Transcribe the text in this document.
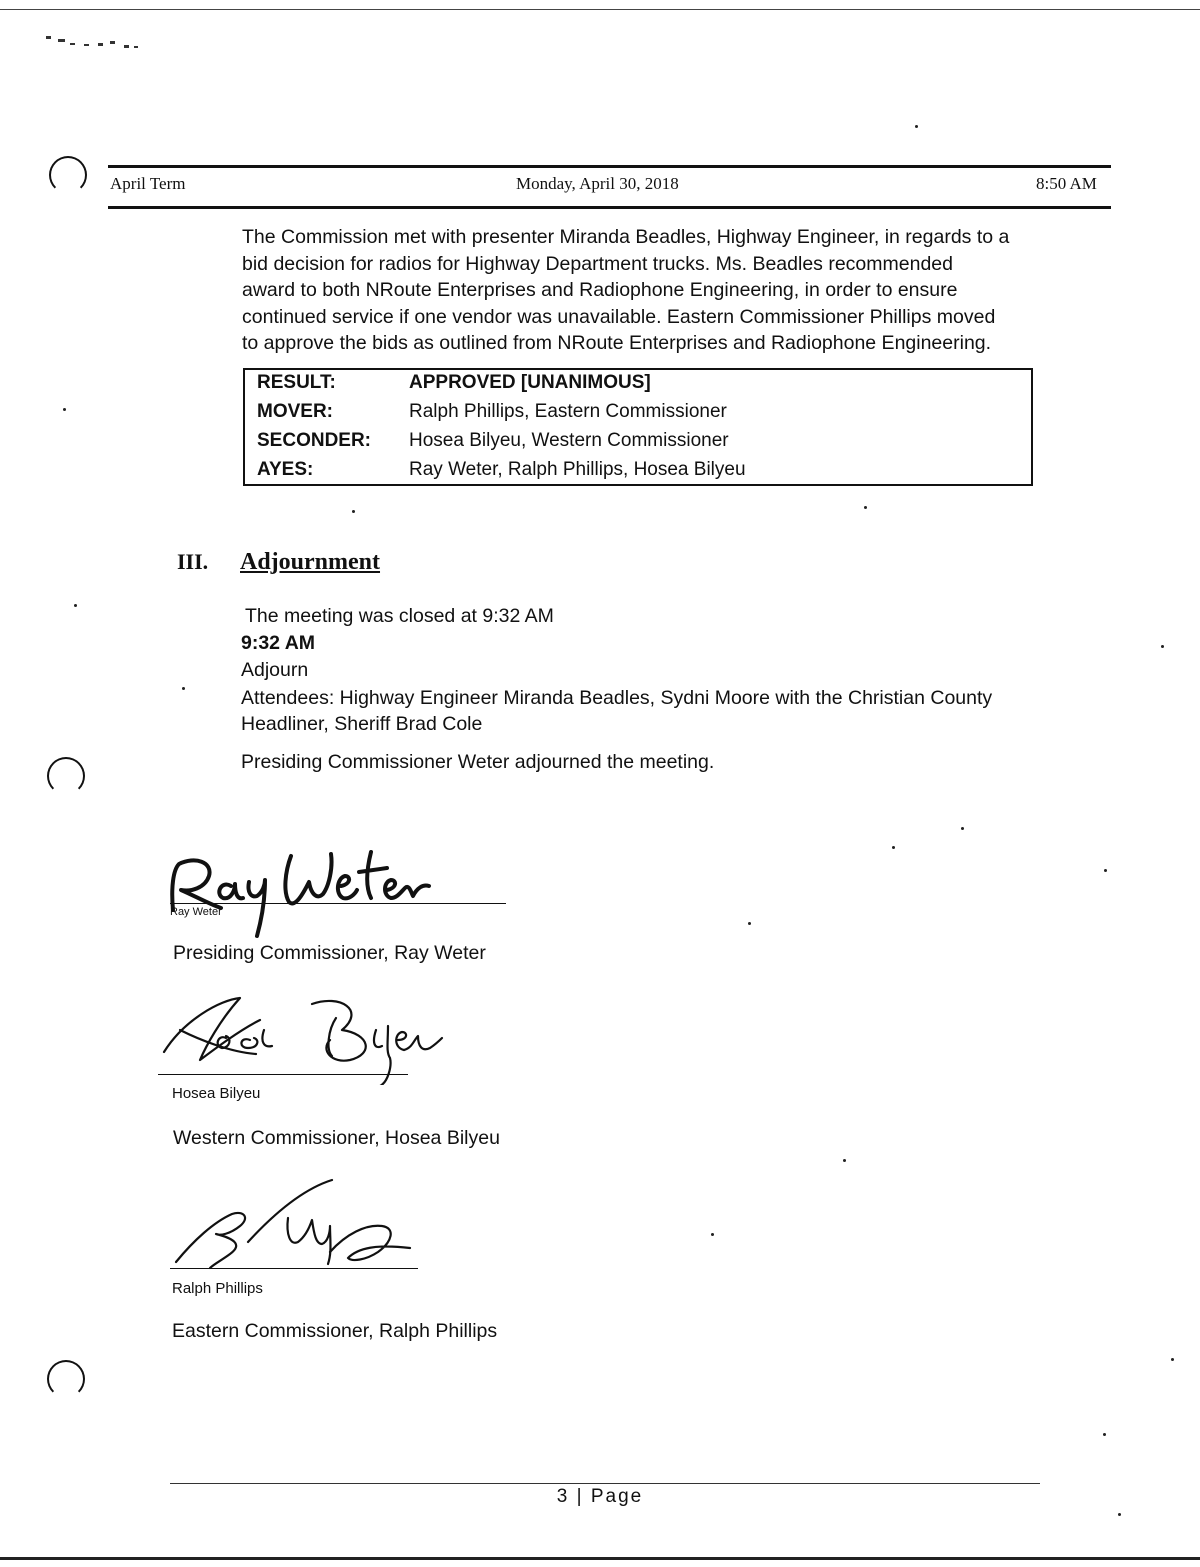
April Term	Monday, April 30, 2018	8:50 AM
The Commission met with presenter Miranda Beadles, Highway Engineer, in regards to a
bid decision for radios for Highway Department trucks. Ms. Beadles recommended
award to both NRoute Enterprises and Radiophone Engineering, in order to ensure
continued service if one vendor was unavailable. Eastern Commissioner Phillips moved
to approve the bids as outlined from NRoute Enterprises and Radiophone Engineering.
RESULT:	APPROVED [UNANIMOUS]
MOVER:	Ralph Phillips, Eastern Commissioner
SECONDER: Hosea Bilyeu, Western Commissioner
AYES:	Ray Weter, Ralph Phillips, Hosea Bilyeu
III. Adjournment
The meeting was closed at 9:32 AM
9:32 AM
Adjourn
Attendees: Highway Engineer Miranda Beadles, Sydni Moore with the Christian County
Headliner, Sheriff Brad Cole
Presiding Commissioner Weter adjourned the meeting.
Ray Weter
Presiding Commissioner, Ray Weter
Hosea Bilyeu
Western Commissioner, Hosea Bilyeu
Ralph Phillips
Eastern Commissioner, Ralph Phillips
3 | Page
